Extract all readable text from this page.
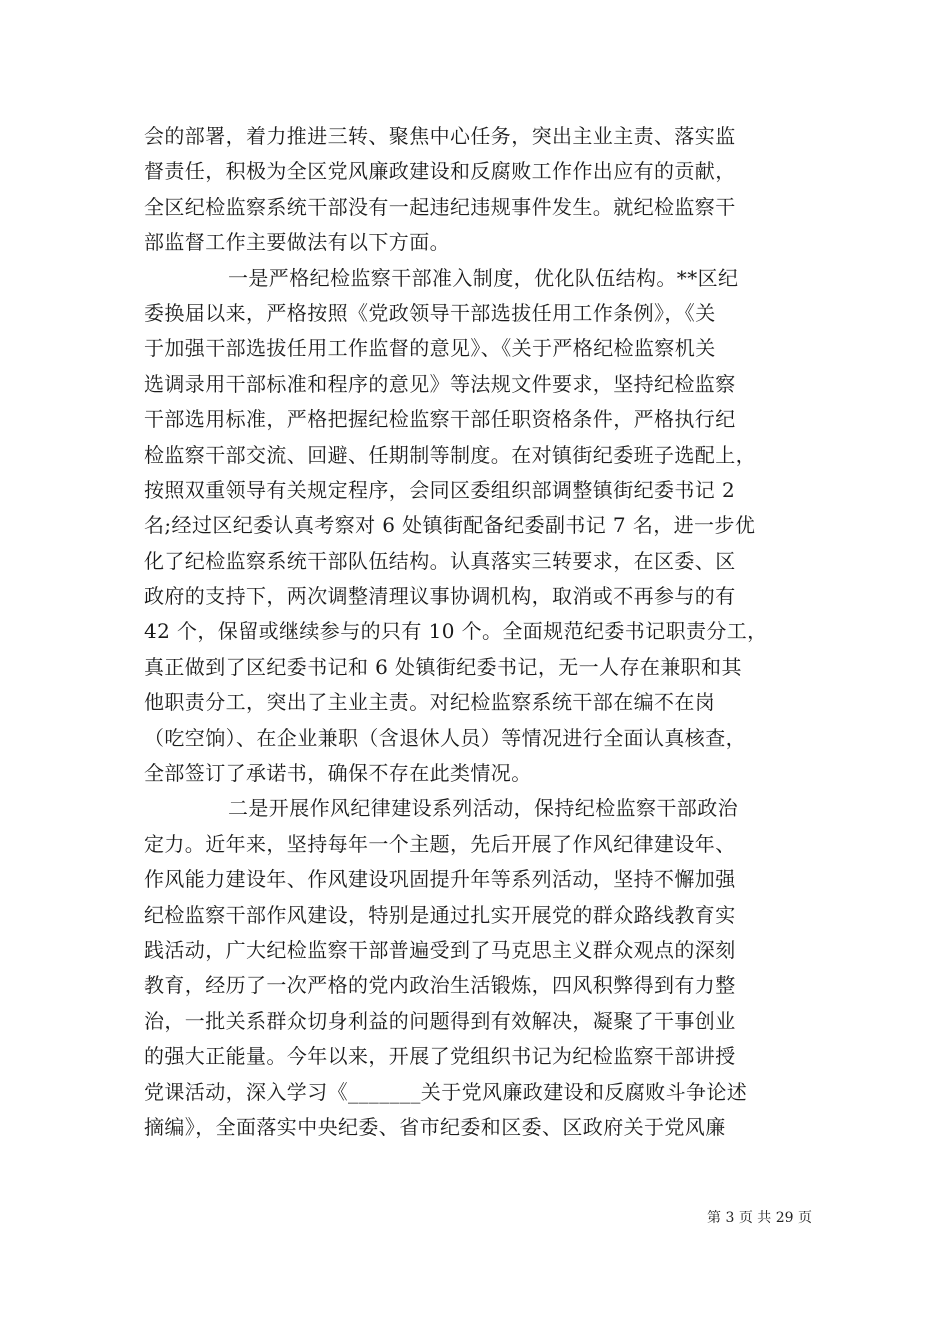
会的部署，着力推进三转、聚焦中心任务，突出主业主责、落实监
督责任，积极为全区党风廉政建设和反腐败工作作出应有的贡献，
全区纪检监察系统干部没有一起违纪违规事件发生。就纪检监察干
部监督工作主要做法有以下方面。
一是严格纪检监察干部准入制度，优化队伍结构。**区纪
委换届以来，严格按照《党政领导干部选拔任用工作条例》，《关
于加强干部选拔任用工作监督的意见》、《关于严格纪检监察机关
选调录用干部标准和程序的意见》等法规文件要求，坚持纪检监察
干部选用标准，严格把握纪检监察干部任职资格条件，严格执行纪
检监察干部交流、回避、任期制等制度。在对镇街纪委班子选配上，
按照双重领导有关规定程序，会同区委组织部调整镇街纪委书记 2
名;经过区纪委认真考察对 6 处镇街配备纪委副书记 7 名，进一步优
化了纪检监察系统干部队伍结构。认真落实三转要求，在区委、区
政府的支持下，两次调整清理议事协调机构，取消或不再参与的有
42 个，保留或继续参与的只有 10 个。全面规范纪委书记职责分工，
真正做到了区纪委书记和 6 处镇街纪委书记，无一人存在兼职和其
他职责分工，突出了主业主责。对纪检监察系统干部在编不在岗
（吃空饷）、在企业兼职（含退休人员）等情况进行全面认真核查，
全部签订了承诺书，确保不存在此类情况。
二是开展作风纪律建设系列活动，保持纪检监察干部政治
定力。近年来，坚持每年一个主题，先后开展了作风纪律建设年、
作风能力建设年、作风建设巩固提升年等系列活动，坚持不懈加强
纪检监察干部作风建设，特别是通过扎实开展党的群众路线教育实
践活动，广大纪检监察干部普遍受到了马克思主义群众观点的深刻
教育，经历了一次严格的党内政治生活锻炼，四风积弊得到有力整
治，一批关系群众切身利益的问题得到有效解决，凝聚了干事创业
的强大正能量。今年以来，开展了党组织书记为纪检监察干部讲授
党课活动，深入学习《_______关于党风廉政建设和反腐败斗争论述
摘编》，全面落实中央纪委、省市纪委和区委、区政府关于党风廉
第 3 页 共 29 页
